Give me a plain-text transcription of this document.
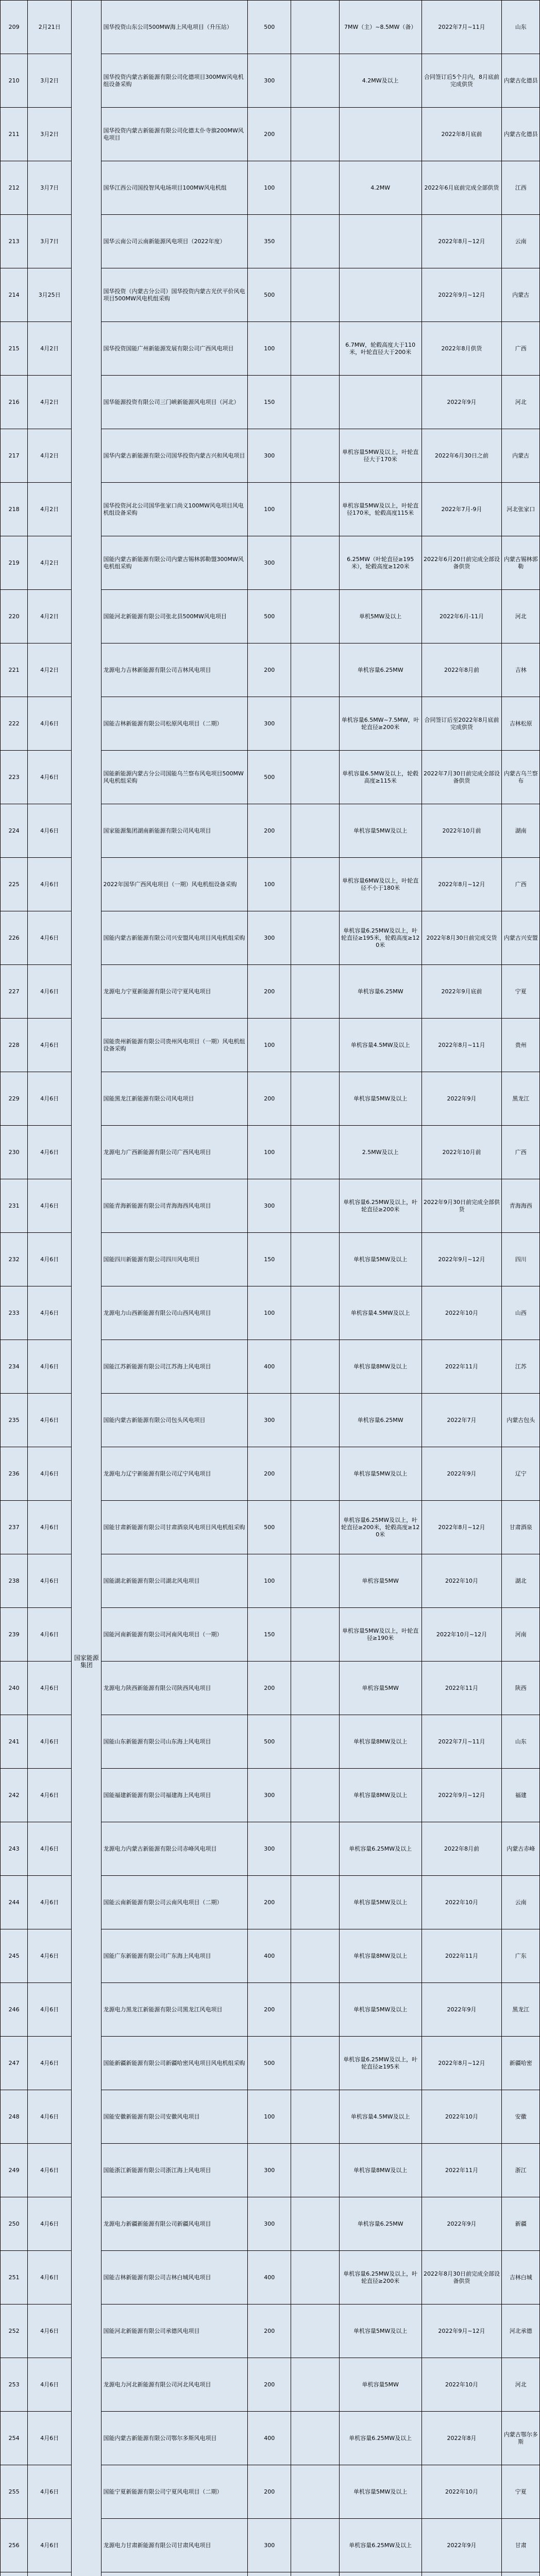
209	2月21日	国家能源集团	国华投资山东公司500MW海上风电项目（升压站）	500		7MW（主）~8.5MW（备）	2022年7月~11月	山东
210	3月2日		国华投资内蒙古新能源有限公司化德项目300MW风电机组设备采购	300		4.2MW及以上	合同签订后5个月内，8月底前完成供货	内蒙古化德县
211	3月2日		国华投资内蒙古新能源有限公司化德太仆寺旗200MW风电项目	200			2022年8月底前	内蒙古化德县
212	3月7日		国华江西公司国投智风电场项目100MW风电机组	100		4.2MW	2022年6月底前完成全部供货	江西
213	3月7日		国华云南公司云南新能源风电项目（2022年度）	350			2022年8月~12月	云南
214	3月25日		国华投资（内蒙古分公司）国华投资内蒙古光伏平价风电项目500MW风电机组采购	500			2022年9月~12月	内蒙古
215	4月2日		国华投资国能广州新能源发展有限公司广西风电项目	100		6.7MW，轮毂高度大于110米，叶轮直径大于200米	2022年8月供货	广西
216	4月2日		国华能源投资有限公司三门峡新能源风电项目（河北）	150			2022年9月	河北
217	4月2日		国华内蒙古新能源有限公司国华投资内蒙古兴和风电项目	300		单机容量5MW及以上，叶轮直径大于170米	2022年6月30日之前	内蒙古
218	4月2日		国华投资河北公司国华张家口尚义100MW风电项目风电机组设备采购	100		单机容量5MW及以上，叶轮直径170米，轮毂高度115米	2022年7月-9月	河北张家口
219	4月2日		国能内蒙古新能源有限公司内蒙古锡林郭勒盟300MW风电机组采购	300		6.25MW（叶轮直径≥195米），轮毂高度≥120米	2022年6月20日前完成全部设备供货	内蒙古锡林郭勒
220	4月2日		国能河北新能源有限公司张北县500MW风电项目	500		单机5MW及以上	2022年6月-11月	河北
221	4月2日		龙源电力吉林新能源有限公司吉林风电项目	200		单机容量6.25MW	2022年8月前	吉林
222	4月6日		国能吉林新能源有限公司松原风电项目（二期）	300		单机容量6.5MW~7.5MW，叶轮直径≥200米	合同签订后至2022年8月底前完成供货	吉林松原
223	4月6日		国能新能源内蒙古分公司国能乌兰察布风电项目500MW风电机组采购	500		单机容量6.5MW及以上，轮毂高度≥115米	2022年7月30日前完成全部设备供货	内蒙古乌兰察布
224	4月6日		国家能源集团湖南新能源有限公司风电项目	200		单机容量5MW及以上	2022年10月前	湖南
225	4月6日		2022年国华广西风电项目（一期）风电机组设备采购	100		单机容量6MW及以上，叶轮直径不小于180米	2022年8月~12月	广西
226	4月6日		国能内蒙古新能源有限公司兴安盟风电项目风电机组采购	300		单机容量6.25MW及以上，叶轮直径≥195米，轮毂高度≥120米	2022年8月30日前完成交货	内蒙古兴安盟
227	4月6日		龙源电力宁夏新能源有限公司宁夏风电项目	200		单机容量6.25MW	2022年9月底前	宁夏
228	4月6日		国能贵州新能源有限公司贵州风电项目（一期）风电机组设备采购	100		单机容量4.5MW及以上	2022年8月~11月	贵州
229	4月6日		国能黑龙江新能源有限公司风电项目	200		单机容量5MW及以上	2022年9月	黑龙江
230	4月6日		龙源电力广西新能源有限公司广西风电项目	100		2.5MW及以上	2022年10月前	广西
231	4月6日		国能青海新能源有限公司青海海西风电项目	300		单机容量6.25MW及以上，叶轮直径≥200米	2022年9月30日前完成全部供货	青海海西
232	4月6日		国能四川新能源有限公司四川风电项目	150		单机容量5MW及以上	2022年9月~12月	四川
233	4月6日		龙源电力山西新能源有限公司山西风电项目	100		单机容量4.5MW及以上	2022年10月	山西
234	4月6日		国能江苏新能源有限公司江苏海上风电项目	400		单机容量8MW及以上	2022年11月	江苏
235	4月6日		国能内蒙古新能源有限公司包头风电项目	300		单机容量6.25MW	2022年7月	内蒙古包头
236	4月6日		龙源电力辽宁新能源有限公司辽宁风电项目	200		单机容量5MW及以上	2022年9月	辽宁
237	4月6日		国能甘肃新能源有限公司甘肃酒泉风电项目风电机组采购	500		单机容量6.25MW及以上，叶轮直径≥200米，轮毂高度≥120米	2022年8月~12月	甘肃酒泉
238	4月6日		国能湖北新能源有限公司湖北风电项目	100		单机容量5MW	2022年10月	湖北
239	4月6日		国能河南新能源有限公司河南风电项目（一期）	150		单机容量5MW及以上，叶轮直径≥190米	2022年10月~12月	河南
240	4月6日		龙源电力陕西新能源有限公司陕西风电项目	200		单机容量5MW	2022年11月	陕西
241	4月6日		国能山东新能源有限公司山东海上风电项目	500		单机容量8MW及以上	2022年7月~11月	山东
242	4月6日		国能福建新能源有限公司福建海上风电项目	300		单机容量8MW及以上	2022年9月~12月	福建
243	4月6日		龙源电力内蒙古新能源有限公司赤峰风电项目	300		单机容量6.25MW及以上	2022年8月前	内蒙古赤峰
244	4月6日		国能云南新能源有限公司云南风电项目（二期）	200		单机容量5MW及以上	2022年10月	云南
245	4月6日		国能广东新能源有限公司广东海上风电项目	400		单机容量8MW及以上	2022年11月	广东
246	4月6日		龙源电力黑龙江新能源有限公司黑龙江风电项目	200		单机容量5MW及以上	2022年9月	黑龙江
247	4月6日		国能新疆新能源有限公司新疆哈密风电项目风电机组采购	500		单机容量6.25MW及以上，叶轮直径≥195米	2022年8月~12月	新疆哈密
248	4月6日		国能安徽新能源有限公司安徽风电项目	100		单机容量4.5MW及以上	2022年10月	安徽
249	4月6日		国能浙江新能源有限公司浙江海上风电项目	300		单机容量8MW及以上	2022年11月	浙江
250	4月6日		龙源电力新疆新能源有限公司新疆风电项目	300		单机容量6.25MW	2022年9月	新疆
251	4月6日		国能吉林新能源有限公司吉林白城风电项目	400		单机容量6.25MW及以上，叶轮直径≥200米	2022年8月30日前完成全部设备供货	吉林白城
252	4月6日		国能河北新能源有限公司承德风电项目	200		单机容量5MW及以上	2022年9月~12月	河北承德
253	4月6日		龙源电力河北新能源有限公司河北风电项目	200		单机容量5MW	2022年10月	河北
254	4月6日		国能内蒙古新能源有限公司鄂尔多斯风电项目	400		单机容量6.25MW及以上	2022年8月	内蒙古鄂尔多斯
255	4月6日		国能宁夏新能源有限公司宁夏风电项目（二期）	200		单机容量5MW及以上	2022年10月	宁夏
256	4月6日		龙源电力甘肃新能源有限公司甘肃风电项目	300		单机容量6.25MW及以上	2022年9月	甘肃
